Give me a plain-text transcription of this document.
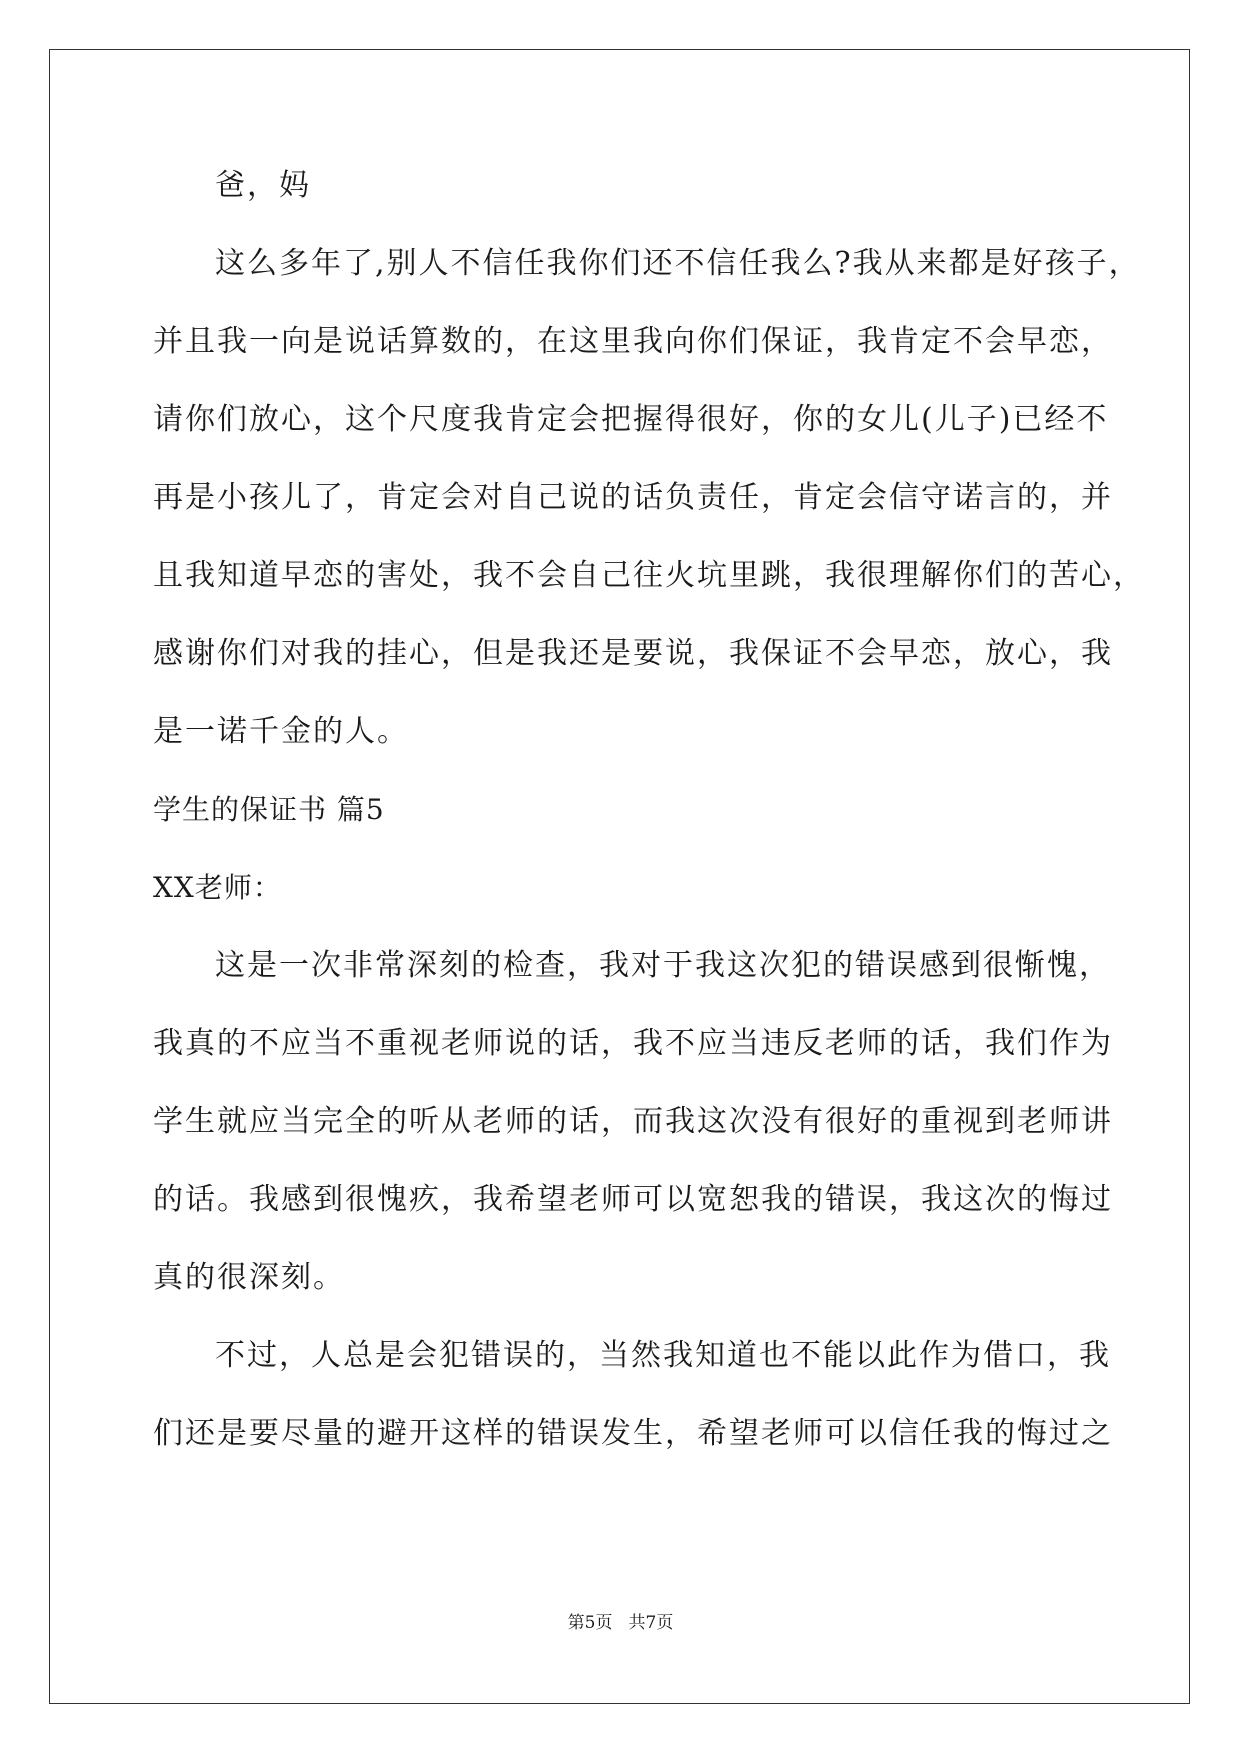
爸，妈
这么多年了,别人不信任我你们还不信任我么?我从来都是好孩子，
并且我一向是说话算数的，在这里我向你们保证，我肯定不会早恋，
请你们放心，这个尺度我肯定会把握得很好，你的女儿(儿子)已经不
再是小孩儿了，肯定会对自己说的话负责任，肯定会信守诺言的，并
且我知道早恋的害处，我不会自己往火坑里跳，我很理解你们的苦心，
感谢你们对我的挂心，但是我还是要说，我保证不会早恋，放心，我
是一诺千金的人。
学生的保证书 篇5
XX老师：
这是一次非常深刻的检查，我对于我这次犯的错误感到很惭愧，
我真的不应当不重视老师说的话，我不应当违反老师的话，我们作为
学生就应当完全的听从老师的话，而我这次没有很好的重视到老师讲
的话。我感到很愧疚，我希望老师可以宽恕我的错误，我这次的悔过
真的很深刻。
不过，人总是会犯错误的，当然我知道也不能以此作为借口，我
们还是要尽量的避开这样的错误发生，希望老师可以信任我的悔过之
第5页 共7页
